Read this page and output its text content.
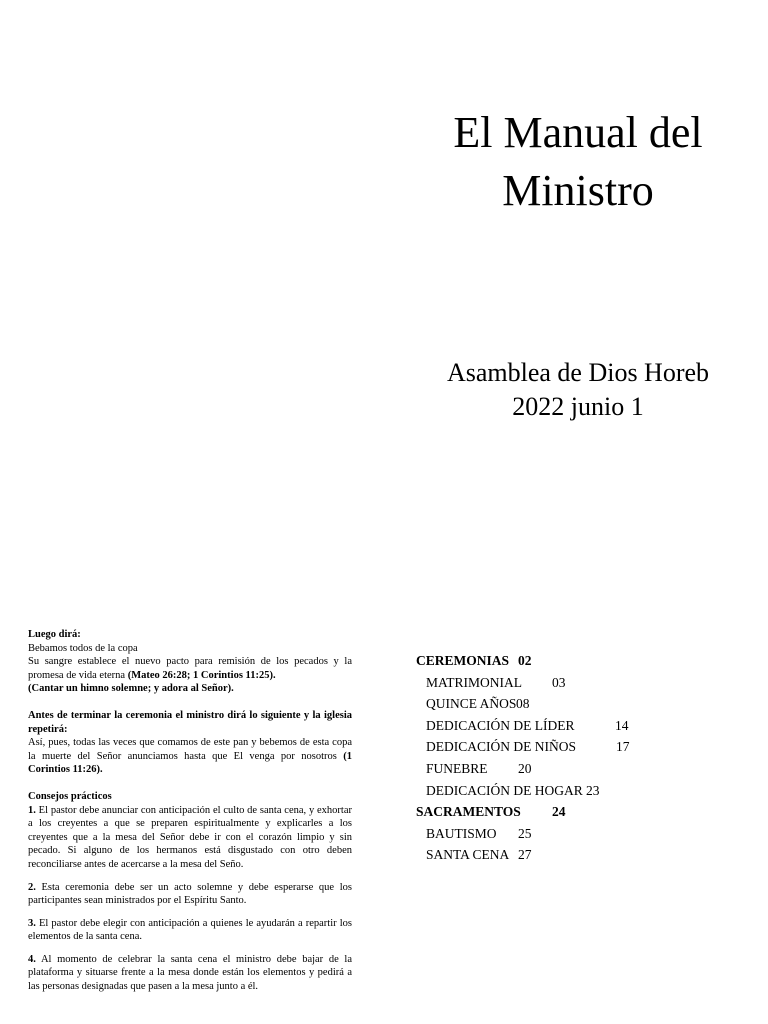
El Manual del
Ministro
Asamblea de Dios Horeb
2022 junio 1

Luego dirá:

Bebamos todos de la copa

Su sangre establece el nuevo pacto para remisión de los pecados y la promesa de vida eterna (Mateo 26:28; 1 Corintios 11:25).

(Cantar un himno solemne; y adora al Señor).

Antes de terminar la ceremonia el ministro dirá lo siguiente y la iglesia repetirá:

Así, pues, todas las veces que comamos de este pan y bebemos de esta copa la muerte del Señor anunciamos hasta que El venga por nosotros (1 Corintios 11:26).

Consejos prácticos

1. El pastor debe anunciar con anticipación el culto de santa cena, y exhortar a los creyentes a que se preparen espiritualmente y explicarles a los creyentes que a la mesa del Señor debe ir con el corazón limpio y sin pecado. Si alguno de los hermanos está disgustado con otro deben reconciliarse antes de acercarse a la mesa del Seño.

2. Esta ceremonia debe ser un acto solemne y debe esperarse que los participantes sean ministrados por el Espíritu Santo.

3. El pastor debe elegir con anticipación a quienes le ayudarán a repartir los elementos de la santa cena.

4. Al momento de celebrar la santa cena el ministro debe bajar de la plataforma y situarse frente a la mesa donde están los elementos y pedirá a las personas designadas que pasen a la mesa junto a él.

CEREMONIAS 02
MATRIMONIAL 03
QUINCE AÑOS 08
DEDICACIÓN DE LÍDER	14
DEDICACIÓN DE NIÑOS	17
FUNEBRE 20
DEDICACIÓN DE HOGAR 23
SACRAMENTOS 24
BAUTISMO 25
SANTA CENA 27
